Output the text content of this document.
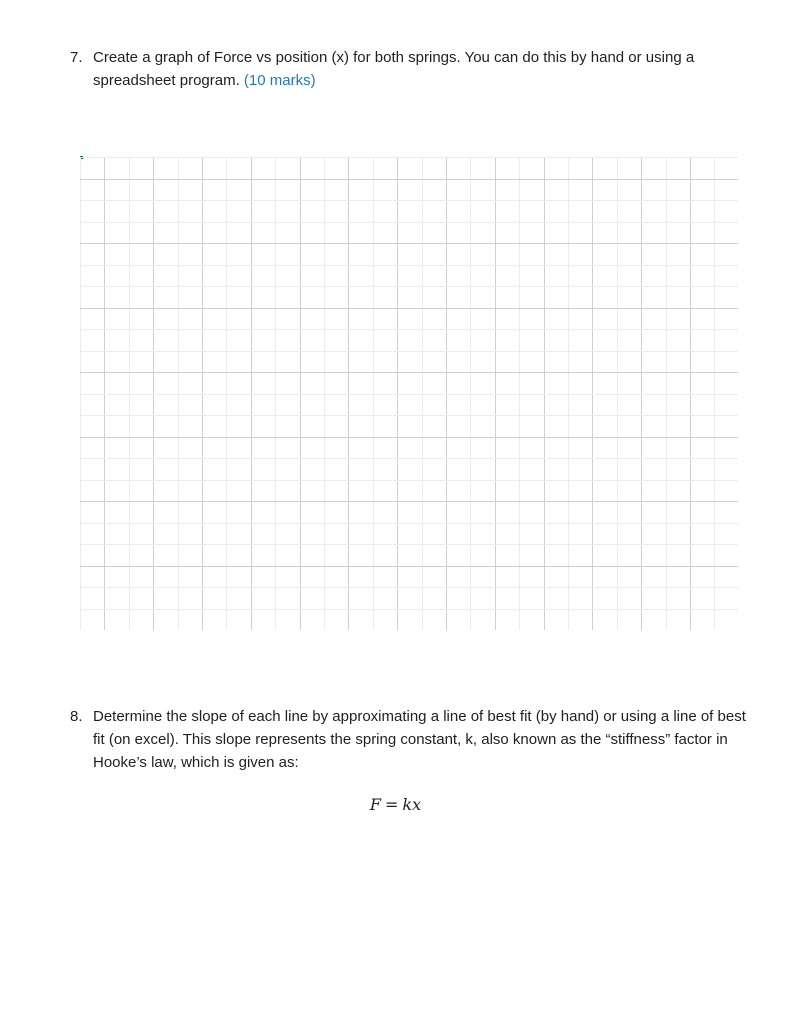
7. Create a graph of Force vs position (x) for both springs. You can do this by hand or using a spreadsheet program. (10 marks)
8. Determine the slope of each line by approximating a line of best fit (by hand) or using a line of best fit (on excel). This slope represents the spring constant, k, also known as the “stiffness” factor in Hooke’s law, which is given as:
F = kx
